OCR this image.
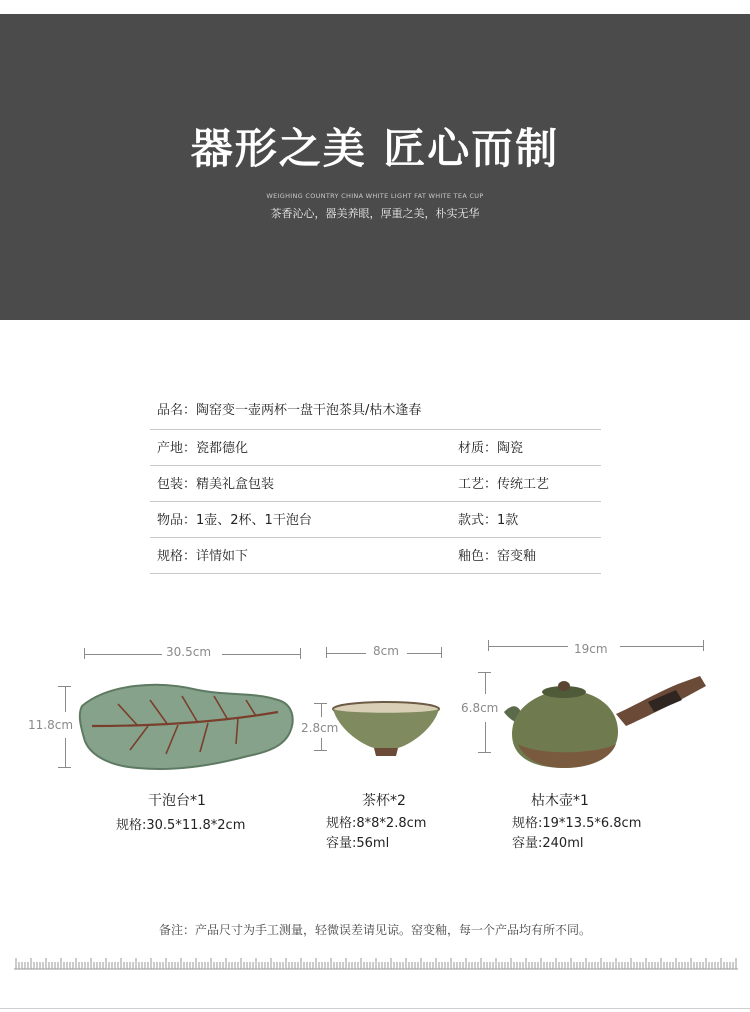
器形之美 匠心而制
WEIGHING COUNTRY CHINA WHITE LIGHT FAT WHITE TEA CUP
茶香沁心，器美养眼，厚重之美，朴实无华
品名：陶窑变一壶两杯一盘干泡茶具/枯木逢春
产地：瓷都德化	材质：陶瓷
包装：精美礼盒包装	工艺：传统工艺
物品：1壶、2杯、1干泡台	款式：1款
规格：详情如下	釉色：窑变釉
30.5cm
11.8cm
干泡台*1
规格:30.5*11.8*2cm
8cm
2.8cm
茶杯*2
规格:8*8*2.8cm
容量:56ml
19cm
6.8cm
枯木壶*1
规格:19*13.5*6.8cm
容量:240ml
备注：产品尺寸为手工测量，轻微误差请见谅。窑变釉，每一个产品均有所不同。
